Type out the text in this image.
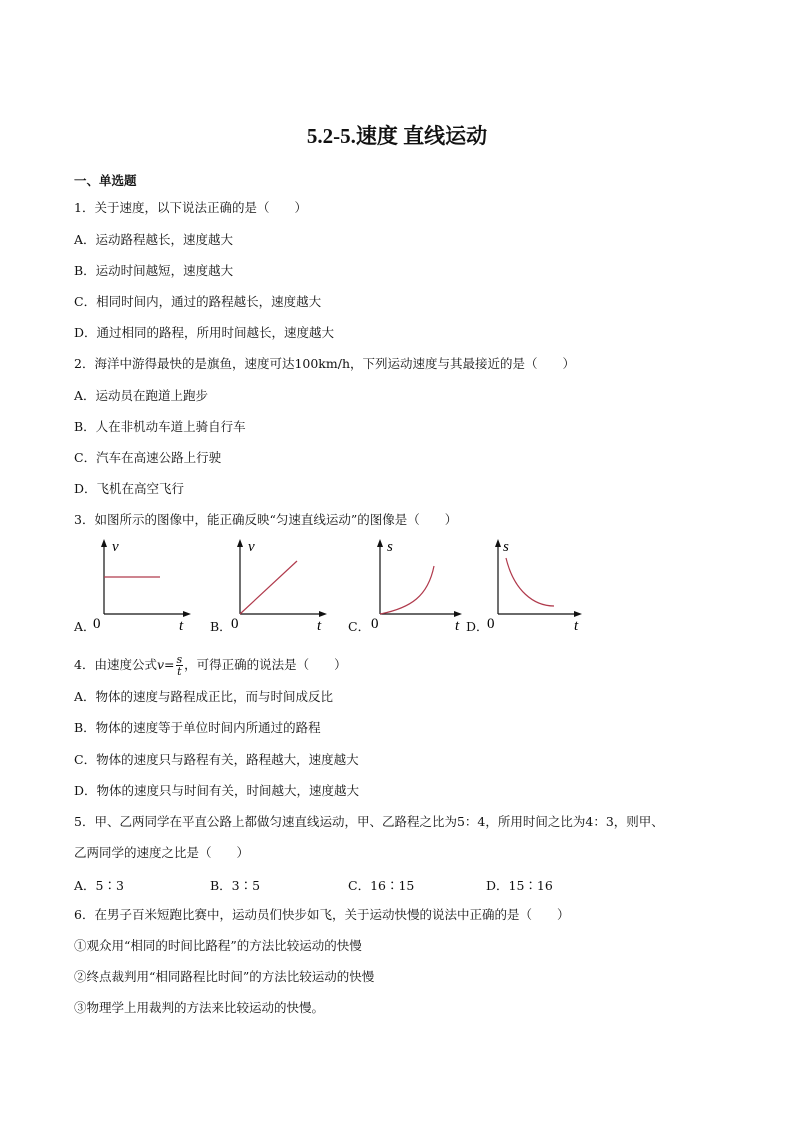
5.2-5.速度 直线运动
一、单选题
1．关于速度，以下说法正确的是（　　）
A．运动路程越长，速度越大
B．运动时间越短，速度越大
C．相同时间内，通过的路程越长，速度越大
D．通过相同的路程，所用时间越长，速度越大
2．海洋中游得最快的是旗鱼，速度可达100km/h，下列运动速度与其最接近的是（　　）
A．运动员在跑道上跑步
B．人在非机动车道上骑自行车
C．汽车在高速公路上行驶
D．飞机在高空飞行
3．如图所示的图像中，能正确反映“匀速直线运动”的图像是（　　）
A．
v
t
0	B．
v
t
0	C．
s
t
0	D．
s
t
0
4．由速度公式$v= \frac{s}{t}$ ，可得正确的说法是（　　）
A．物体的速度与路程成正比，而与时间成反比
B．物体的速度等于单位时间内所通过的路程
C．物体的速度只与路程有关，路程越大，速度越大
D．物体的速度只与时间有关，时间越大，速度越大
5．甲、乙两同学在平直公路上都做匀速直线运动，甲、乙路程之比为5：4，所用时间之比为4：3，则甲、
乙两同学的速度之比是（　　）
A．5∶3	B．3∶5	C．16∶15	D．15∶16
6．在男子百米短跑比赛中，运动员们快步如飞，关于运动快慢的说法中正确的是（　　）
①观众用“相同的时间比路程”的方法比较运动的快慢
②终点裁判用“相同路程比时间”的方法比较运动的快慢
③物理学上用裁判的方法来比较运动的快慢。
